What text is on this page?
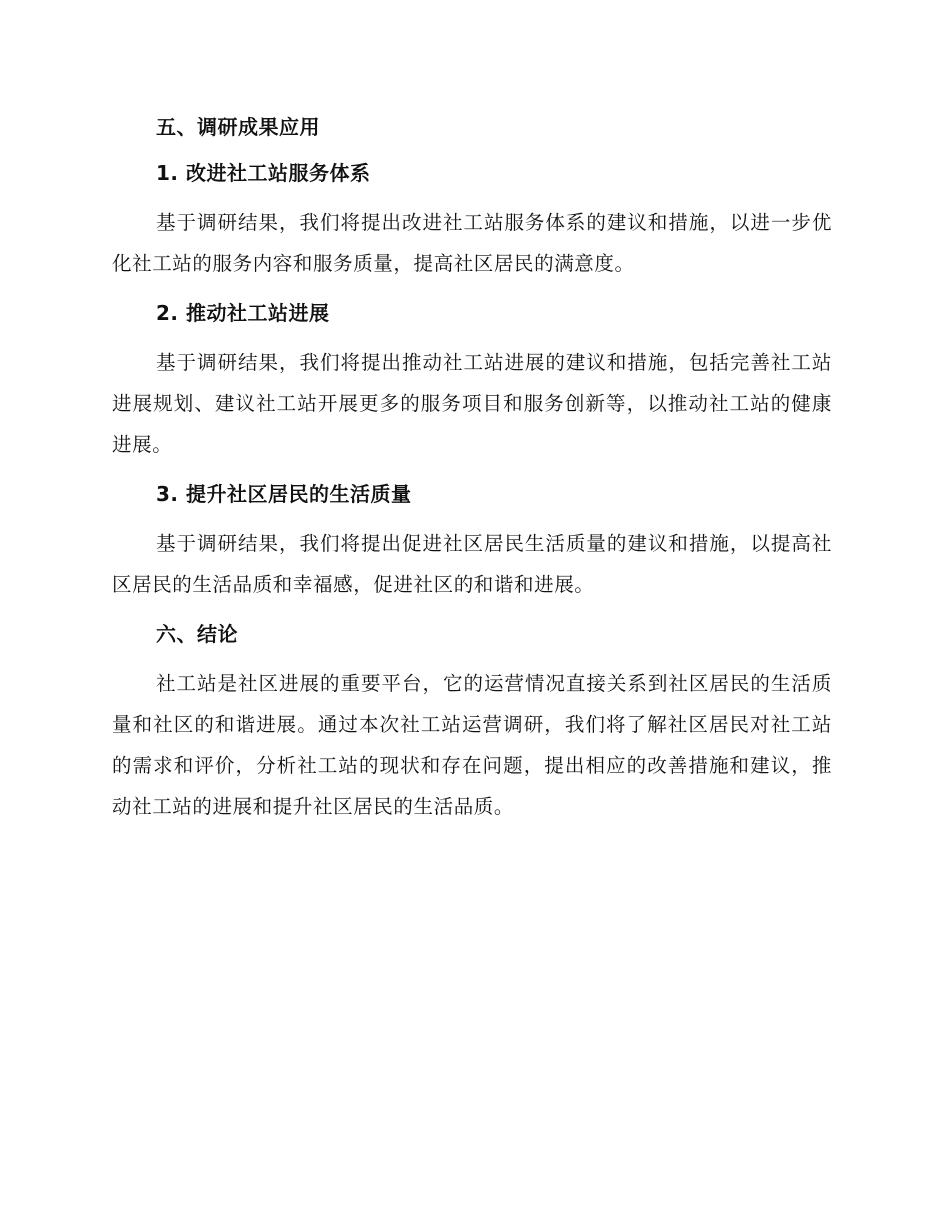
五、调研成果应用
1. 改进社工站服务体系

基于调研结果，我们将提出改进社工站服务体系的建议和措施，以进一步优化社工站的服务内容和服务质量，提高社区居民的满意度。

2. 推动社工站进展

基于调研结果，我们将提出推动社工站进展的建议和措施，包括完善社工站进展规划、建议社工站开展更多的服务项目和服务创新等，以推动社工站的健康进展。

3. 提升社区居民的生活质量

基于调研结果，我们将提出促进社区居民生活质量的建议和措施，以提高社区居民的生活品质和幸福感，促进社区的和谐和进展。

六、结论

社工站是社区进展的重要平台，它的运营情况直接关系到社区居民的生活质量和社区的和谐进展。通过本次社工站运营调研，我们将了解社区居民对社工站的需求和评价，分析社工站的现状和存在问题，提出相应的改善措施和建议，推动社工站的进展和提升社区居民的生活品质。
